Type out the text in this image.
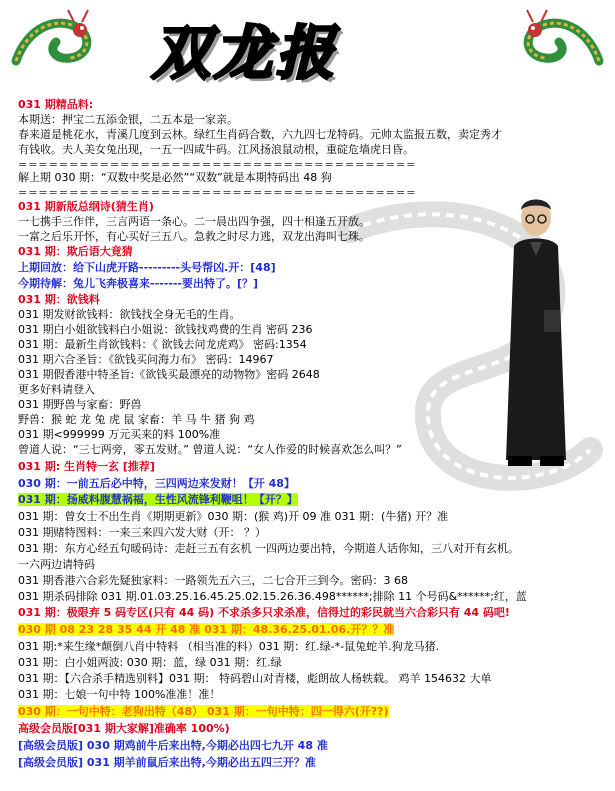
双龙报
031 期精品料:
本期送：押宝二五添金银，二五本是一家亲。
春来道是桃花水，青溪几度到云林。绿红生肖码合数，六九四七龙特码。元帅太监报五数，卖定秀才
有钱收。夫人美女兔出现，一五一四咸牛码。江风扬浪鼠动根，重碇危墙虎日昏。
=======================================
解上期 030 期：“双数中奖是必然”“双数”就是本期特码出 48 狗
=======================================
031 期新版总纲诗(猜生肖)
一七携手三作伴，三言两语一条心。二一晨出四争强，四十相逢五开放。
一富之后乐开怀，有心买好三五八。急救之时尽力逃，双龙出海叫七珠。
031 期：欺后语大竟猜
上期回放：给下山虎开路---------头号帮凶.开：[48]
今期待解：兔儿飞奔极喜来-------要出特了。[？]
031 期：欲钱料
031 期发财欲钱料：欲钱找全身无毛的生肖。
031 期白小姐欲钱料白小姐说：欲钱找鸡费的生肖 密码 236
031 期：最新生肖欲钱料：《 欲钱去问龙虎鸡》 密码:1354
031 期六合圣旨：《欲钱买问海力布》 密码：14967
031 期假香港中特圣旨:《欲钱买最漂亮的动物物》密码 2648
更多好料请登入
031 期野兽与家畜：野兽
野兽：猴 蛇 龙 兔 虎 鼠 家畜：羊 马 牛 猪 狗 鸡
031 期<999999 万元买来的料 100%准
曾道人说：“三七两旁，零五发财。” 曾道人说：“女人作爱的时候喜欢怎么叫？”
031 期: 生肖特一玄 [推荐]
030 期：一前五后必中特，三四两边来发财！【开 48】
031 期：扬威料腹慧祸福，生性风流锋利鞭咀！【开？】
031 期：曾女士不出生肖《期期更新》030 期：(猴 鸡)开 09 准 031 期：(牛猪) 开？准
031 期赌特图料：一来三来四六发大财（开： ？）
031 期：东方心经五句暖码诗：走赶三五有玄机 一四两边要出特，今期道人话你知，三八对开有玄机。
一六两边请特码
031 期香港六合彩先疑独家料：一路领先五六三，二七合开三到今。密码：3 68
031 期杀码排除 031 期.01.03.25.16.45.25.02.15.26.36.498******;排除 11 个号码&******;红，蓝
031 期：极限弃 5 码专区(只有 44 码) 不求杀多只求杀准，信得过的彩民就当六合彩只有 44 码吧!
030 期 08 23 28 35 44 开 48 准 031 期：48.36.25.01.06.开？？准
031 期:*来生缘*颠倒八肖中特料 （相当准的料）031 期：红.绿-*-鼠兔蛇羊.狗龙马猪.
031 期：白小姐两波: 030 期：蓝，绿 031 期：红.绿
031 期：【六合杀手精选别料】031 期： 特码碧山对青楼，彪朗故人杨轶载。 鸡羊 154632 大单
031 期：七娘一句中特 100%准准！准！
030 期：一句中特：老狗出特（48） 031 期：一句中特：四一得六(开??)
高级会员版[031 期大家解]准确率 100%)
[高级会员版] 030 期鸡前牛后来出特,今期必出四七九开 48 准
[高级会员版] 031 期羊前鼠后来出特,今期必出五四三开？准
